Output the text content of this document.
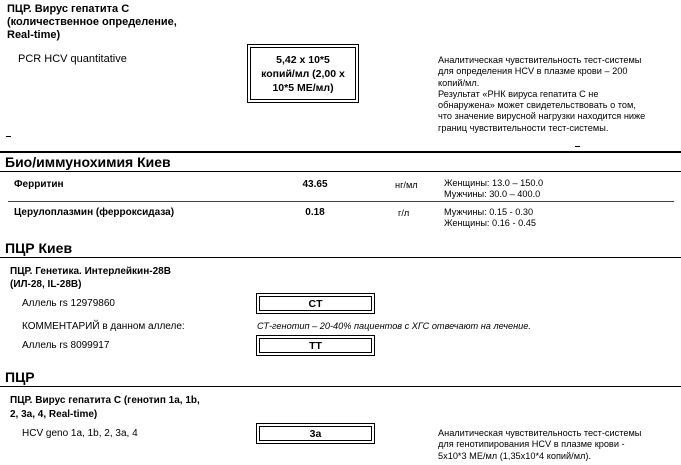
ПЦР. Вирус гепатита С
(количественное определение,
Real-time)
PCR HCV quantitative	5,42 х 10*5
копий/мл (2,00 х
10*5 МЕ/мл)
Аналитическая чувствительность тест-системы
для определения HCV в плазме крови – 200
копий/мл.
Результат «РНК вируса гепатита С не
обнаружена» может свидетельствовать о том,
что значение вирусной нагрузки находится ниже
границ чувствительности тест-системы.
Био/иммунохимия Киев
Ферритин	43.65	нг/мл	Женщины: 13.0 – 150.0
Мужчины: 30.0 – 400.0
Церулоплазмин (ферроксидаза)	0.18	г/л	Мужчины: 0.15 - 0.30
Женщины: 0.16 - 0.45
ПЦР Киев
ПЦР. Генетика. Интерлейкин-28В
(ИЛ-28, IL-28B)
Аллель rs 12979860	CT
КОММЕНТАРИЙ в данном аллеле:	СТ-генотип – 20-40% пациентов с ХГС отвечают на лечение.
Аллель rs 8099917	TT
ПЦР
ПЦР. Вирус гепатита С (генотип 1a, 1b,
2, 3a, 4, Real-time)
HCV geno 1a, 1b, 2, 3a, 4	3a	Аналитическая чувствительность тест-системы
для генотипирования HCV в плазме крови -
5x10*3 МЕ/мл (1,35x10*4 копий/мл).
